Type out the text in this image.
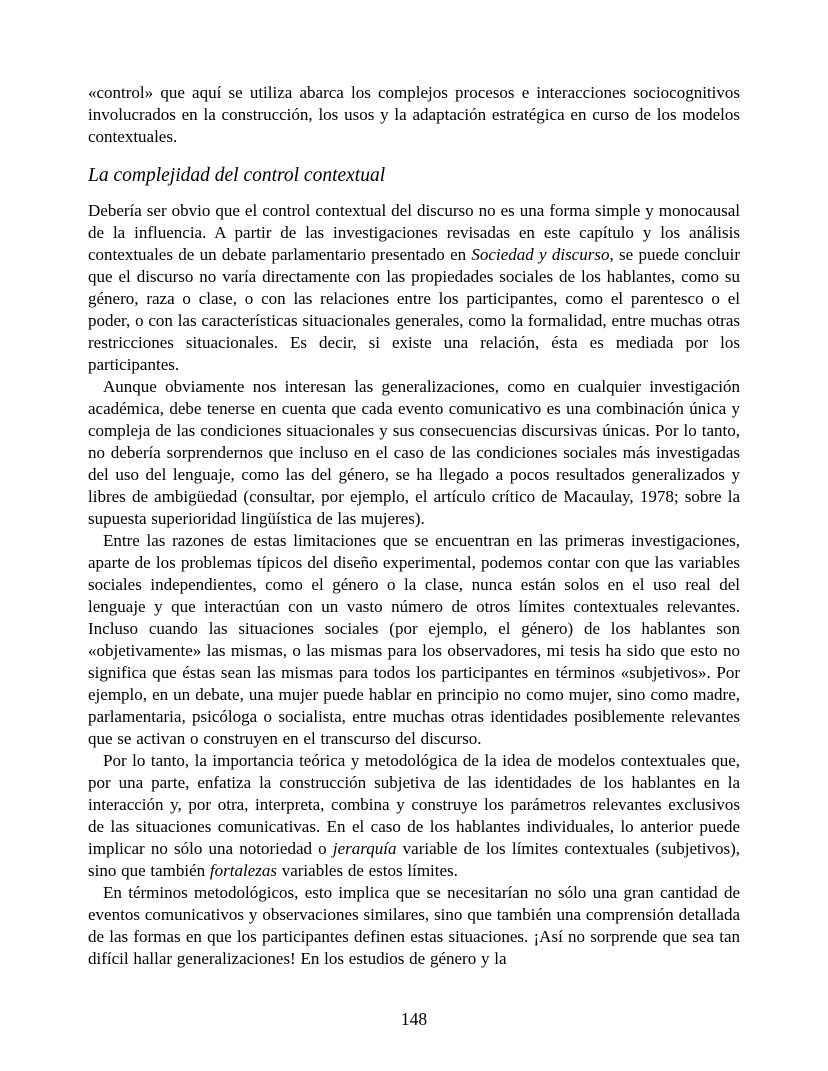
«control» que aquí se utiliza abarca los complejos procesos e interacciones sociocognitivos involucrados en la construcción, los usos y la adaptación estratégica en curso de los modelos contextuales.

La complejidad del control contextual

Debería ser obvio que el control contextual del discurso no es una forma simple y monocausal de la influencia. A partir de las investigaciones revisadas en este capítulo y los análisis contextuales de un debate parlamentario presentado en Sociedad y discurso, se puede concluir que el discurso no varía directamente con las propiedades sociales de los hablantes, como su género, raza o clase, o con las relaciones entre los participantes, como el parentesco o el poder, o con las características situacionales generales, como la formalidad, entre muchas otras restricciones situacionales. Es decir, si existe una relación, ésta es mediada por los participantes.

Aunque obviamente nos interesan las generalizaciones, como en cualquier investigación académica, debe tenerse en cuenta que cada evento comunicativo es una combinación única y compleja de las condiciones situacionales y sus consecuencias discursivas únicas. Por lo tanto, no debería sorprendernos que incluso en el caso de las condiciones sociales más investigadas del uso del lenguaje, como las del género, se ha llegado a pocos resultados generalizados y libres de ambigüedad (consultar, por ejemplo, el artículo crítico de Macaulay, 1978; sobre la supuesta superioridad lingüística de las mujeres).

Entre las razones de estas limitaciones que se encuentran en las primeras investigaciones, aparte de los problemas típicos del diseño experimental, podemos contar con que las variables sociales independientes, como el género o la clase, nunca están solos en el uso real del lenguaje y que interactúan con un vasto número de otros límites contextuales relevantes. Incluso cuando las situaciones sociales (por ejemplo, el género) de los hablantes son «objetivamente» las mismas, o las mismas para los observadores, mi tesis ha sido que esto no significa que éstas sean las mismas para todos los participantes en términos «subjetivos». Por ejemplo, en un debate, una mujer puede hablar en principio no como mujer, sino como madre, parlamentaria, psicóloga o socialista, entre muchas otras identidades posiblemente relevantes que se activan o construyen en el transcurso del discurso.

Por lo tanto, la importancia teórica y metodológica de la idea de modelos contextuales que, por una parte, enfatiza la construcción subjetiva de las identidades de los hablantes en la interacción y, por otra, interpreta, combina y construye los parámetros relevantes exclusivos de las situaciones comunicativas. En el caso de los hablantes individuales, lo anterior puede implicar no sólo una notoriedad o jerarquía variable de los límites contextuales (subjetivos), sino que también fortalezas variables de estos límites.

En términos metodológicos, esto implica que se necesitarían no sólo una gran cantidad de eventos comunicativos y observaciones similares, sino que también una comprensión detallada de las formas en que los participantes definen estas situaciones. ¡Así no sorprende que sea tan difícil hallar generalizaciones! En los estudios de género y la

148
